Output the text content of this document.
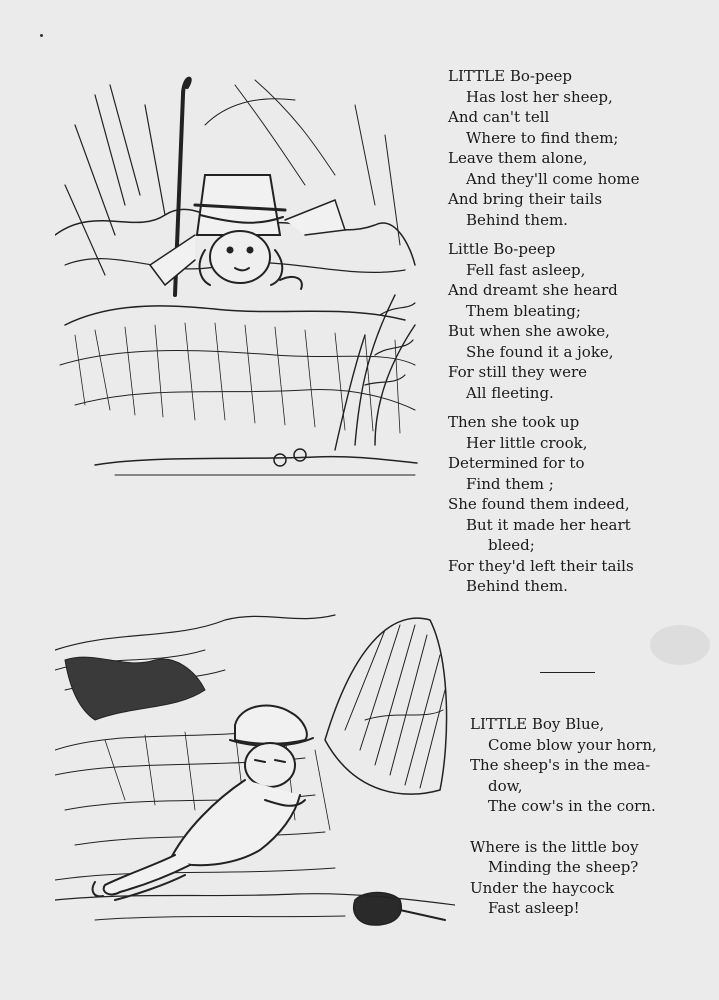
LITTLE Bo-peep
Has lost her sheep,
And can't tell
Where to find them;
Leave them alone,
And they'll come home
And bring their tails
Behind them.
Little Bo-peep
Fell fast asleep,
And dreamt she heard
Them bleating;
But when she awoke,
She found it a joke,
For still they were
All fleeting.
Then she took up
Her little crook,
Determined for to
Find them ;
She found them indeed,
But it made her heart
bleed;
For they'd left their tails
Behind them.
LITTLE Boy Blue,
Come blow your horn,
The sheep's in the mea-
dow,
The cow's in the corn.
Where is the little boy
Minding the sheep?
Under the haycock
Fast asleep!
